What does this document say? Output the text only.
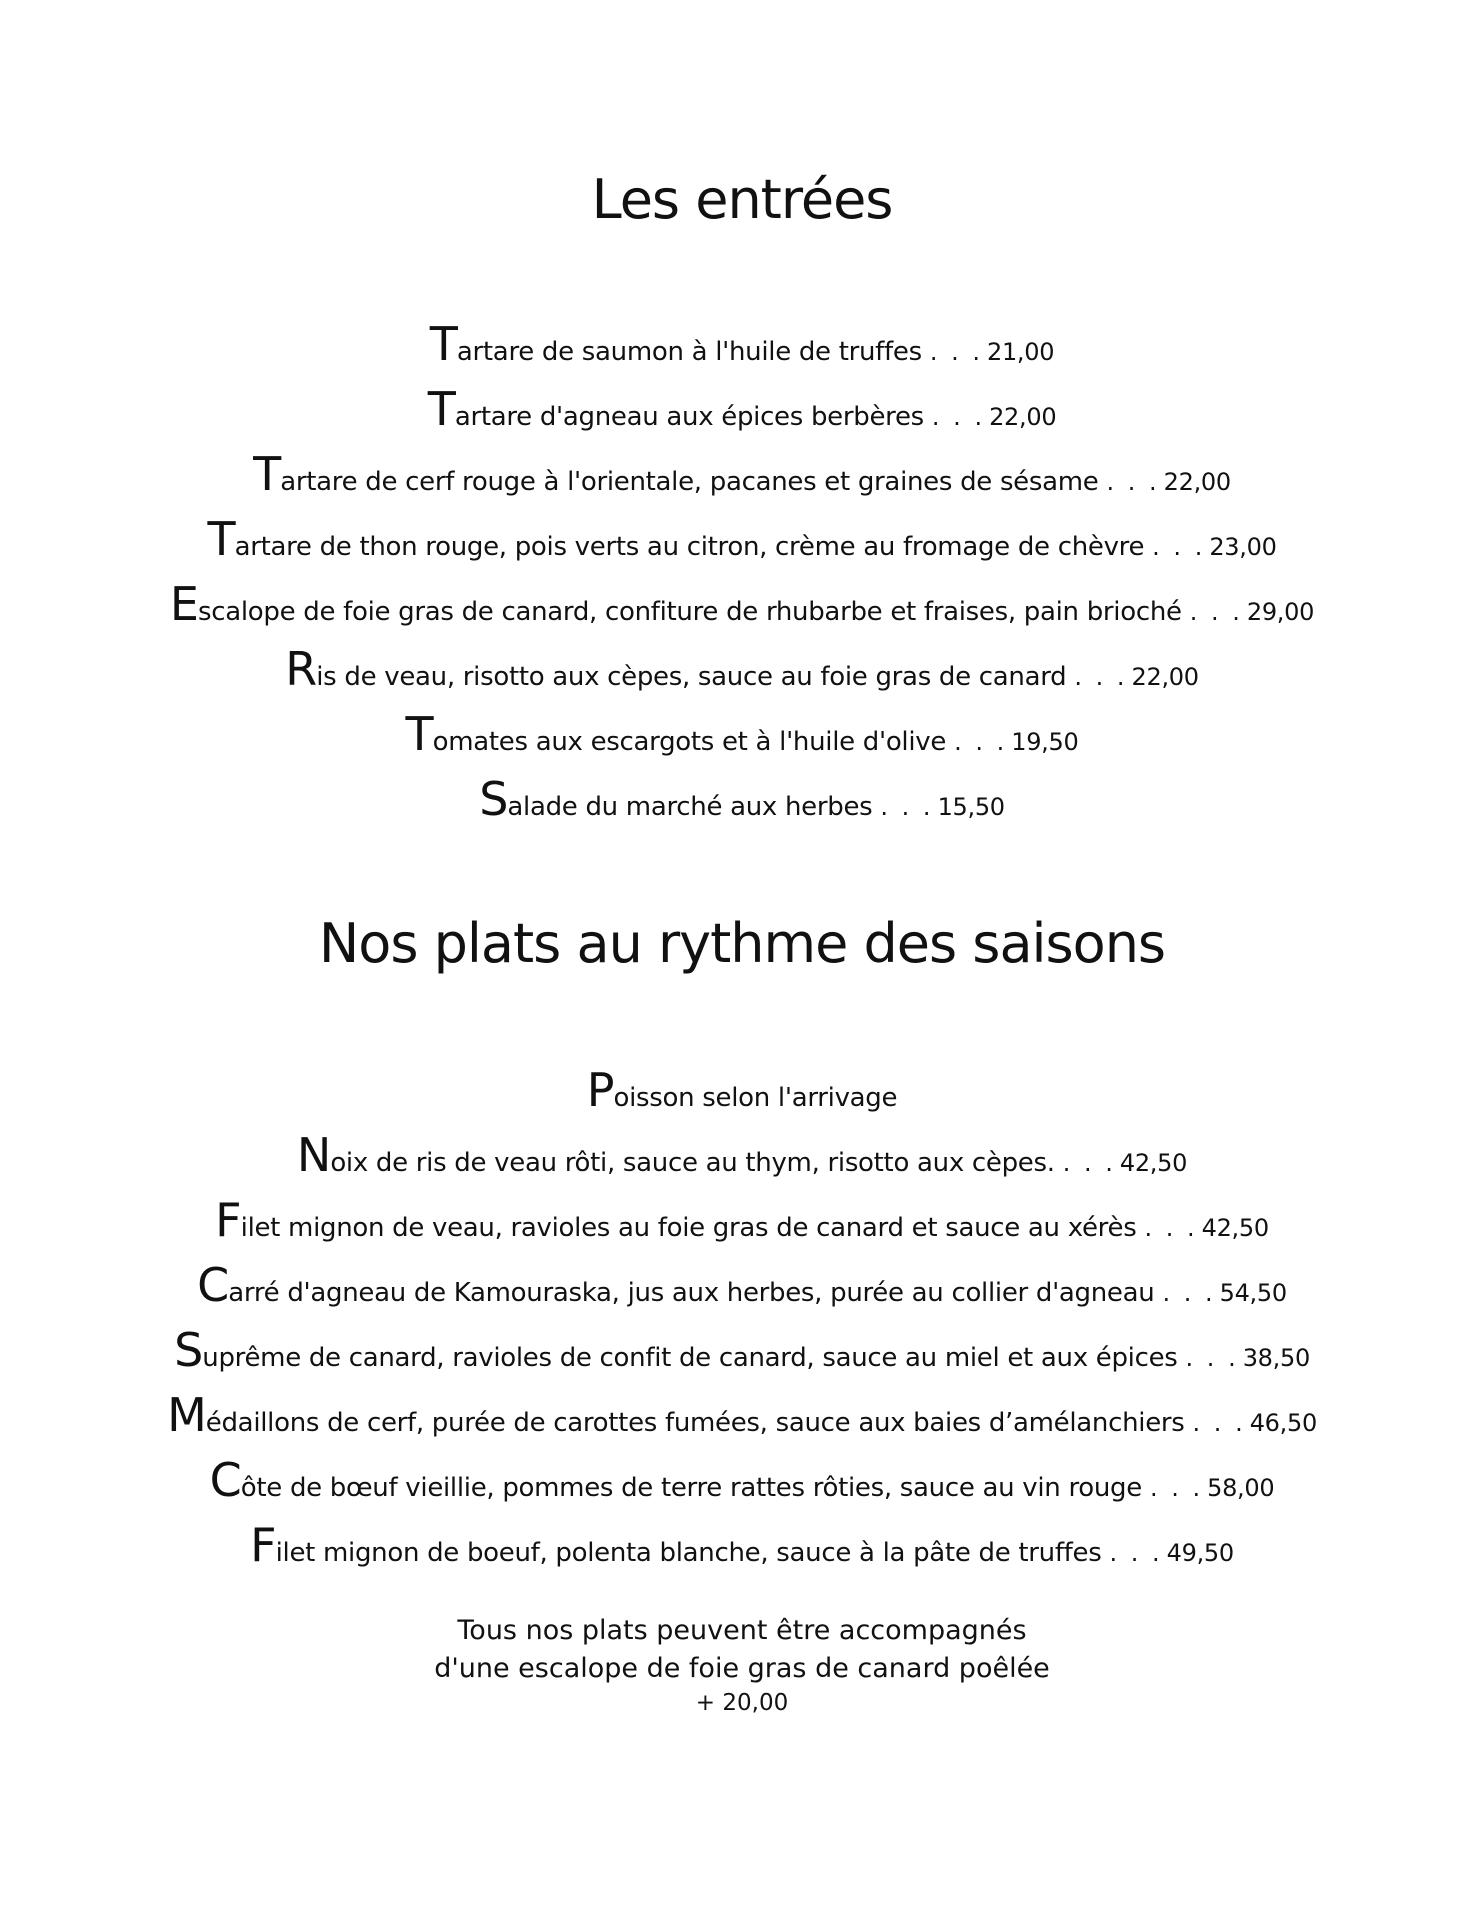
Les entrées
Tartare de saumon à l'huile de truffes . . . 21,00
Tartare d'agneau aux épices berbères . . . 22,00
Tartare de cerf rouge à l'orientale, pacanes et graines de sésame . . . 22,00
Tartare de thon rouge, pois verts au citron, crème au fromage de chèvre . . . 23,00
Escalope de foie gras de canard, confiture de rhubarbe et fraises, pain brioché . . . 29,00
Ris de veau, risotto aux cèpes, sauce au foie gras de canard . . . 22,00
Tomates aux escargots et à l'huile d'olive . . . 19,50
Salade du marché aux herbes . . . 15,50
Nos plats au rythme des saisons
Poisson selon l'arrivage
Noix de ris de veau rôti, sauce au thym, risotto aux cèpes. . . . 42,50
Filet mignon de veau, ravioles au foie gras de canard et sauce au xérès . . . 42,50
Carré d'agneau de Kamouraska, jus aux herbes, purée au collier d'agneau . . . 54,50
Suprême de canard, ravioles de confit de canard, sauce au miel et aux épices . . . 38,50
Médaillons de cerf, purée de carottes fumées, sauce aux baies d’amélanchiers . . . 46,50
Côte de bœuf vieillie, pommes de terre rattes rôties, sauce au vin rouge . . . 58,00
Filet mignon de boeuf, polenta blanche, sauce à la pâte de truffes . . . 49,50
Tous nos plats peuvent être accompagnés
d'une escalope de foie gras de canard poêlée
+ 20,00
